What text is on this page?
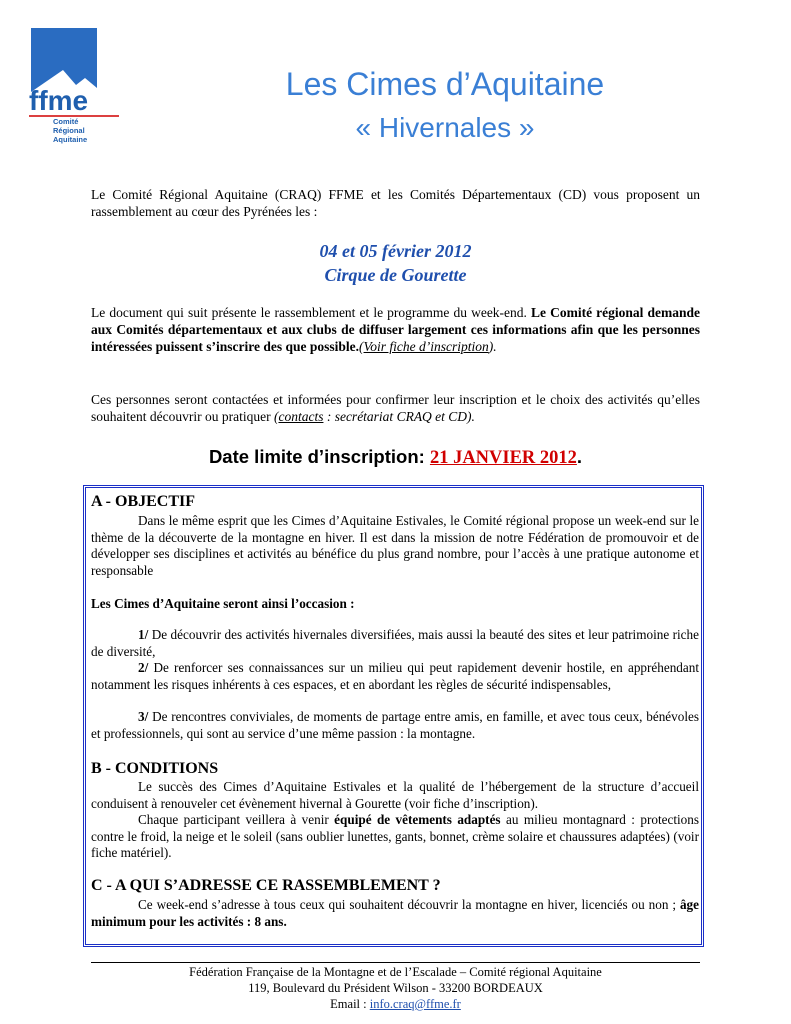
ffme
Comité
Régional
Aquitaine
Les Cimes d’Aquitaine
« Hivernales »
Le Comité Régional Aquitaine (CRAQ) FFME et les Comités Départementaux (CD) vous proposent un rassemblement au cœur des Pyrénées les :
04 et 05 février 2012
Cirque de Gourette
Le document qui suit présente le rassemblement et le programme du week-end. Le Comité régional demande aux Comités départementaux et aux clubs de diffuser largement ces informations afin que les personnes intéressées puissent s’inscrire des que possible.(Voir fiche d’inscription).
Ces personnes seront contactées et informées pour confirmer leur inscription et le choix des activités qu’elles souhaitent découvrir ou pratiquer (contacts : secrétariat CRAQ et CD).
Date limite d’inscription: 21 JANVIER 2012.
A - OBJECTIF
Dans le même esprit que les Cimes d’Aquitaine Estivales, le Comité régional propose un week-end sur le thème de la découverte de la montagne en hiver. Il est dans la mission de notre Fédération de promouvoir et de développer ses disciplines et activités au bénéfice du plus grand nombre, pour l’accès à une pratique autonome et responsable
Les Cimes d’Aquitaine seront ainsi l’occasion :
1/ De découvrir des activités hivernales diversifiées, mais aussi la beauté des sites et leur patrimoine riche de diversité,
2/ De renforcer ses connaissances sur un milieu qui peut rapidement devenir hostile, en appréhendant notamment les risques inhérents à ces espaces, et en abordant les règles de sécurité indispensables,
3/ De rencontres conviviales, de moments de partage entre amis, en famille, et avec tous ceux, bénévoles et professionnels, qui sont au service d’une même passion : la montagne.
B - CONDITIONS
Le succès des Cimes d’Aquitaine Estivales et la qualité de l’hébergement de la structure d’accueil conduisent à renouveler cet évènement hivernal à Gourette (voir fiche d’inscription).
Chaque participant veillera à venir équipé de vêtements adaptés au milieu montagnard : protections contre le froid, la neige et le soleil (sans oublier lunettes, gants, bonnet, crème solaire et chaussures adaptées) (voir fiche matériel).
C - A QUI S’ADRESSE CE RASSEMBLEMENT ?
Ce week-end s’adresse à tous ceux qui souhaitent découvrir la montagne en hiver, licenciés ou non ; âge minimum pour les activités : 8 ans.
Fédération Française de la Montagne et de l’Escalade – Comité régional Aquitaine
119, Boulevard du Président Wilson - 33200 BORDEAUX
Email : info.craq@ffme.fr
